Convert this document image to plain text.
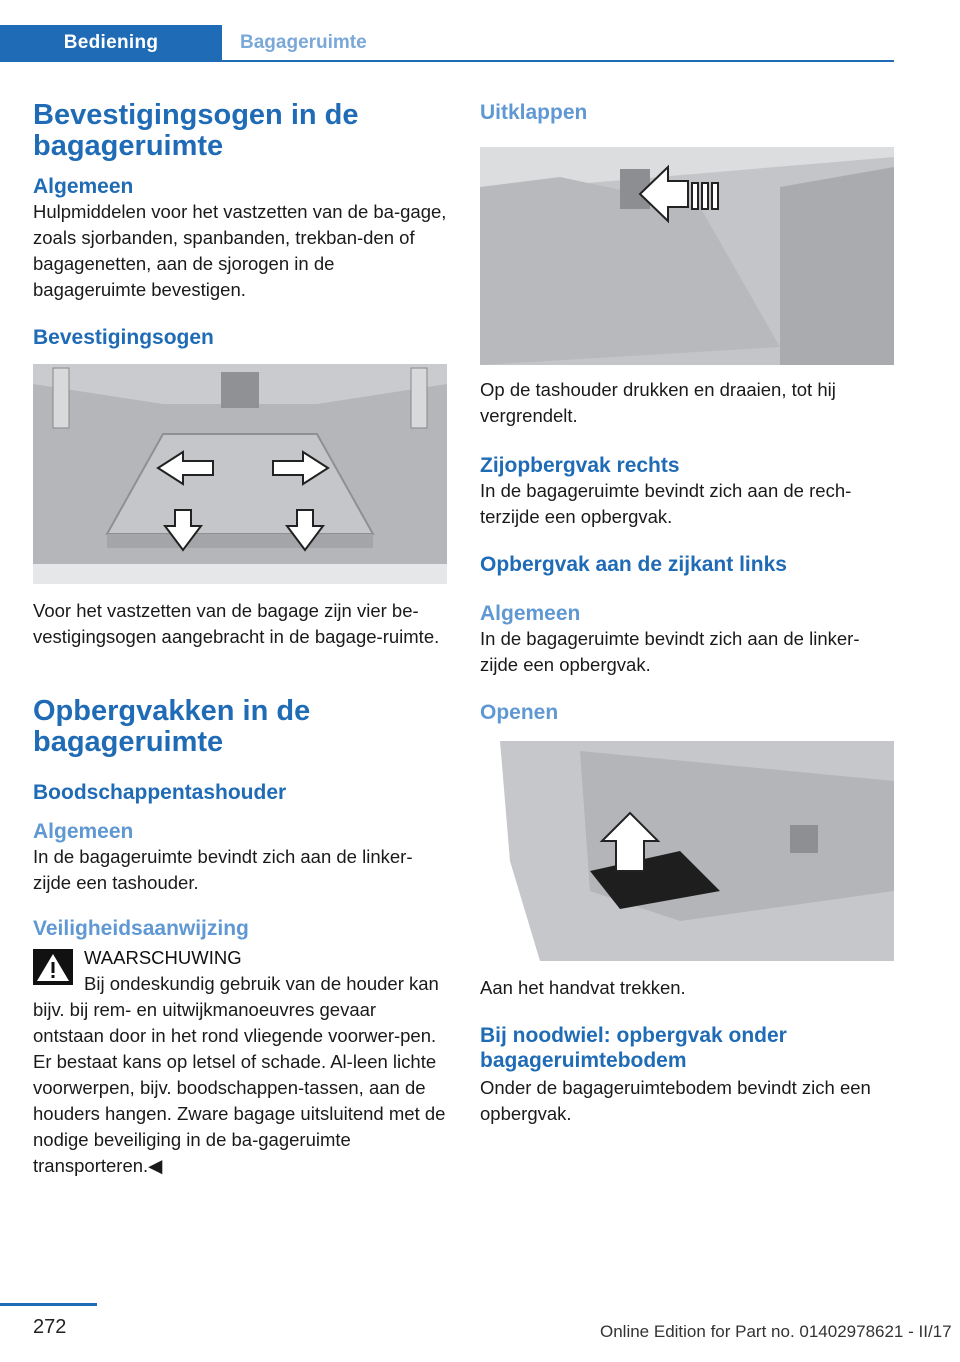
Bediening	Bagageruimte
Bevestigingsogen in de bagageruimte
Algemeen

Hulpmiddelen voor het vastzetten van de ba-gage, zoals sjorbanden, spanbanden, trekban-den of bagagenetten, aan de sjorogen in de bagageruimte bevestigen.

Bevestigingsogen

Voor het vastzetten van de bagage zijn vier be-vestigingsogen aangebracht in de bagage-ruimte.

Opbergvakken in de bagageruimte
Boodschappentashouder
Algemeen

In de bagageruimte bevindt zich aan de linker-zijde een tashouder.

Veiligheidsaanwijzing

WAARSCHUWING

Bij ondeskundig gebruik van de houder kan bijv. bij rem- en uitwijkmanoeuvres gevaar ontstaan door in het rond vliegende voorwer-pen. Er bestaat kans op letsel of schade. Al-leen lichte voorwerpen, bijv. boodschappen-tassen, aan de houders hangen. Zware bagage uitsluitend met de nodige beveiliging in de ba-gageruimte transporteren.◀

Uitklappen

Op de tashouder drukken en draaien, tot hij vergrendelt.

Zijopbergvak rechts

In de bagageruimte bevindt zich aan de rech-terzijde een opbergvak.

Opbergvak aan de zijkant links
Algemeen

In de bagageruimte bevindt zich aan de linker-zijde een opbergvak.

Openen

Aan het handvat trekken.

Bij noodwiel: opbergvak onder bagageruimtebodem

Onder de bagageruimtebodem bevindt zich een opbergvak.

272	Online Edition for Part no. 01402978621 - II/17
